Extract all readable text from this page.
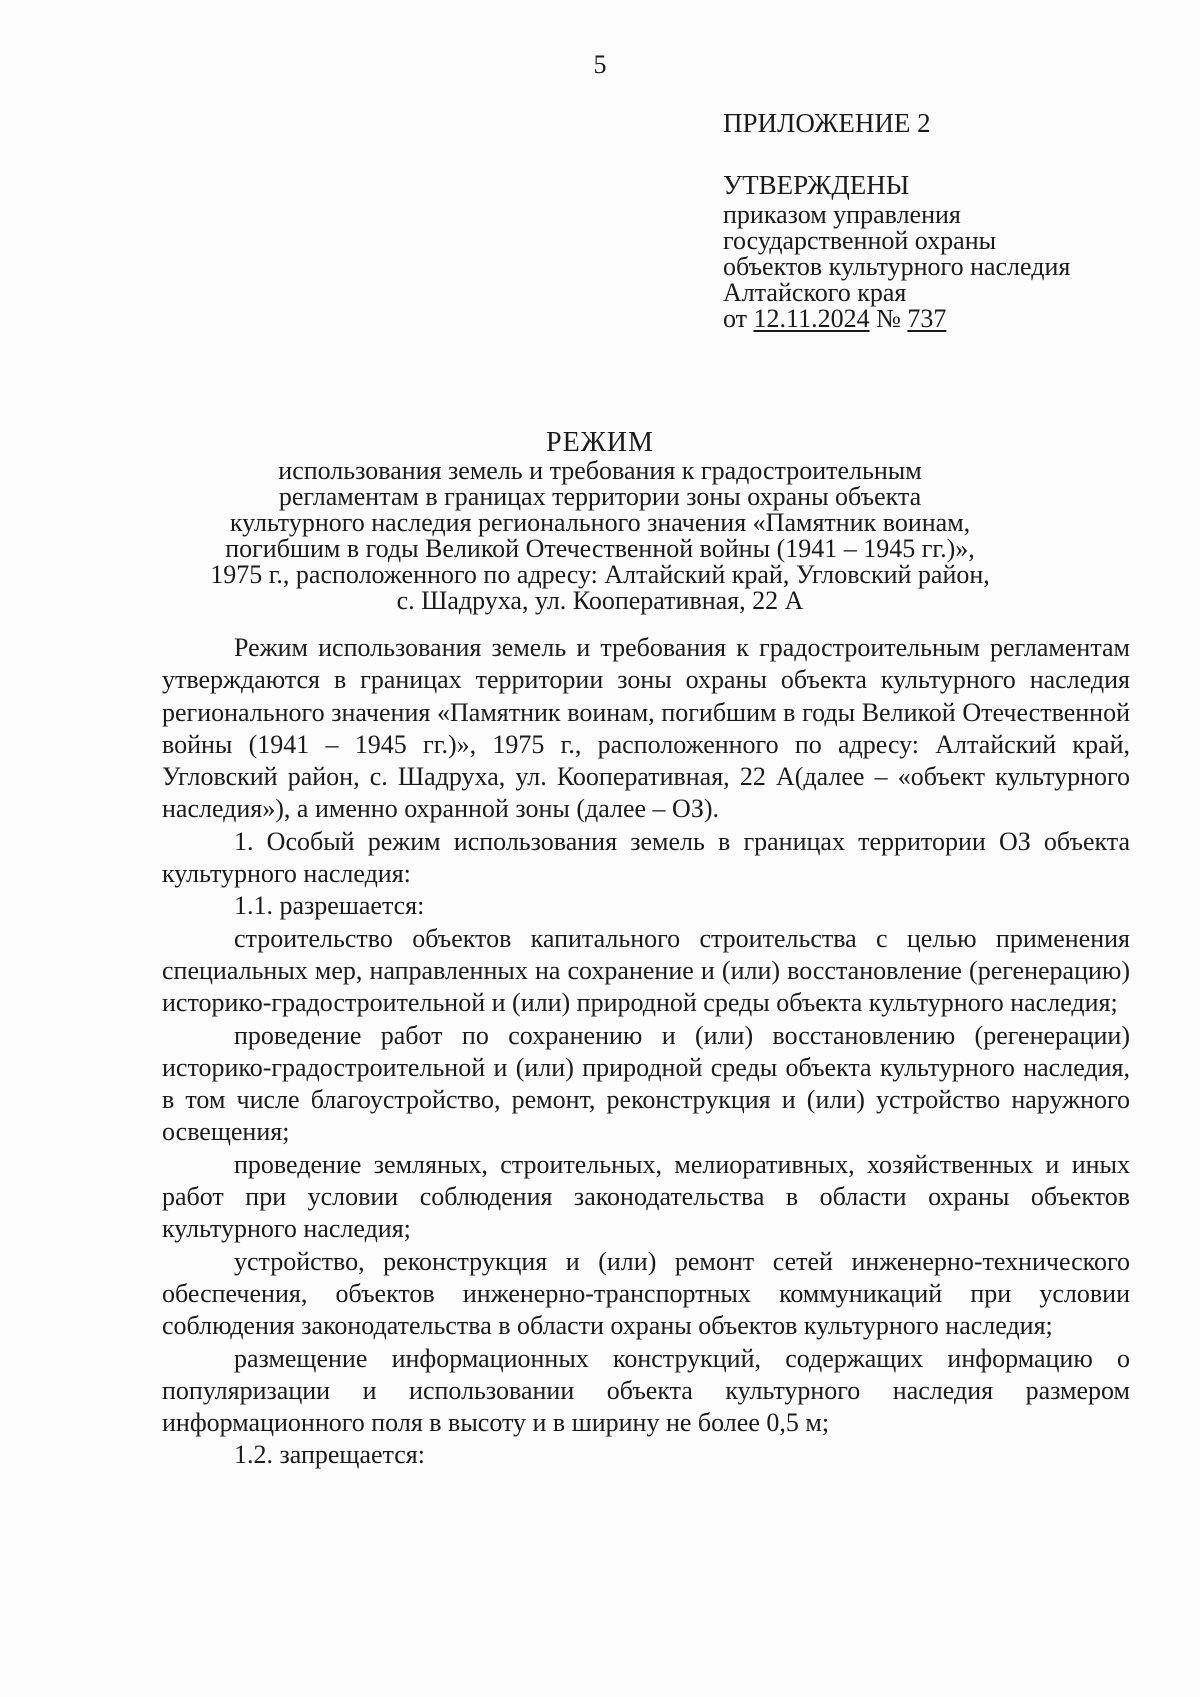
5
ПРИЛОЖЕНИЕ 2
УТВЕРЖДЕНЫ
приказом управления
государственной охраны
объектов культурного наследия
Алтайского края
от 12.11.2024 № 737
РЕЖИМ
использования земель и требования к градостроительным
регламентам в границах территории зоны охраны объекта
культурного наследия регионального значения «Памятник воинам,
погибшим в годы Великой Отечественной войны (1941 – 1945 гг.)»,
1975 г., расположенного по адресу: Алтайский край, Угловский район,
с. Шадруха, ул. Кооперативная, 22 А

Режим использования земель и требования к градостроительным регламентам утверждаются в границах территории зоны охраны объекта культурного наследия регионального значения «Памятник воинам, погибшим в годы Великой Отечественной войны (1941 – 1945 гг.)», 1975 г., расположенного по адресу: Алтайский край, Угловский район, с. Шадруха, ул. Кооперативная, 22 А(далее – «объект культурного наследия»), а именно охранной зоны (далее – ОЗ).

1. Особый режим использования земель в границах территории ОЗ объекта культурного наследия:

1.1. разрешается:

строительство объектов капитального строительства с целью применения специальных мер, направленных на сохранение и (или) восстановление (регенерацию) историко-градостроительной и (или) природной среды объекта культурного наследия;

проведение работ по сохранению и (или) восстановлению (регенерации) историко-градостроительной и (или) природной среды объекта культурного наследия, в том числе благоустройство, ремонт, реконструкция и (или) устройство наружного освещения;

проведение земляных, строительных, мелиоративных, хозяйственных и иных работ при условии соблюдения законодательства в области охраны объектов культурного наследия;

устройство, реконструкция и (или) ремонт сетей инженерно-технического обеспечения, объектов инженерно-транспортных коммуникаций при условии соблюдения законодательства в области охраны объектов культурного наследия;

размещение информационных конструкций, содержащих информацию о популяризации и использовании объекта культурного наследия размером информационного поля в высоту и в ширину не более 0,5 м;

1.2. запрещается:
